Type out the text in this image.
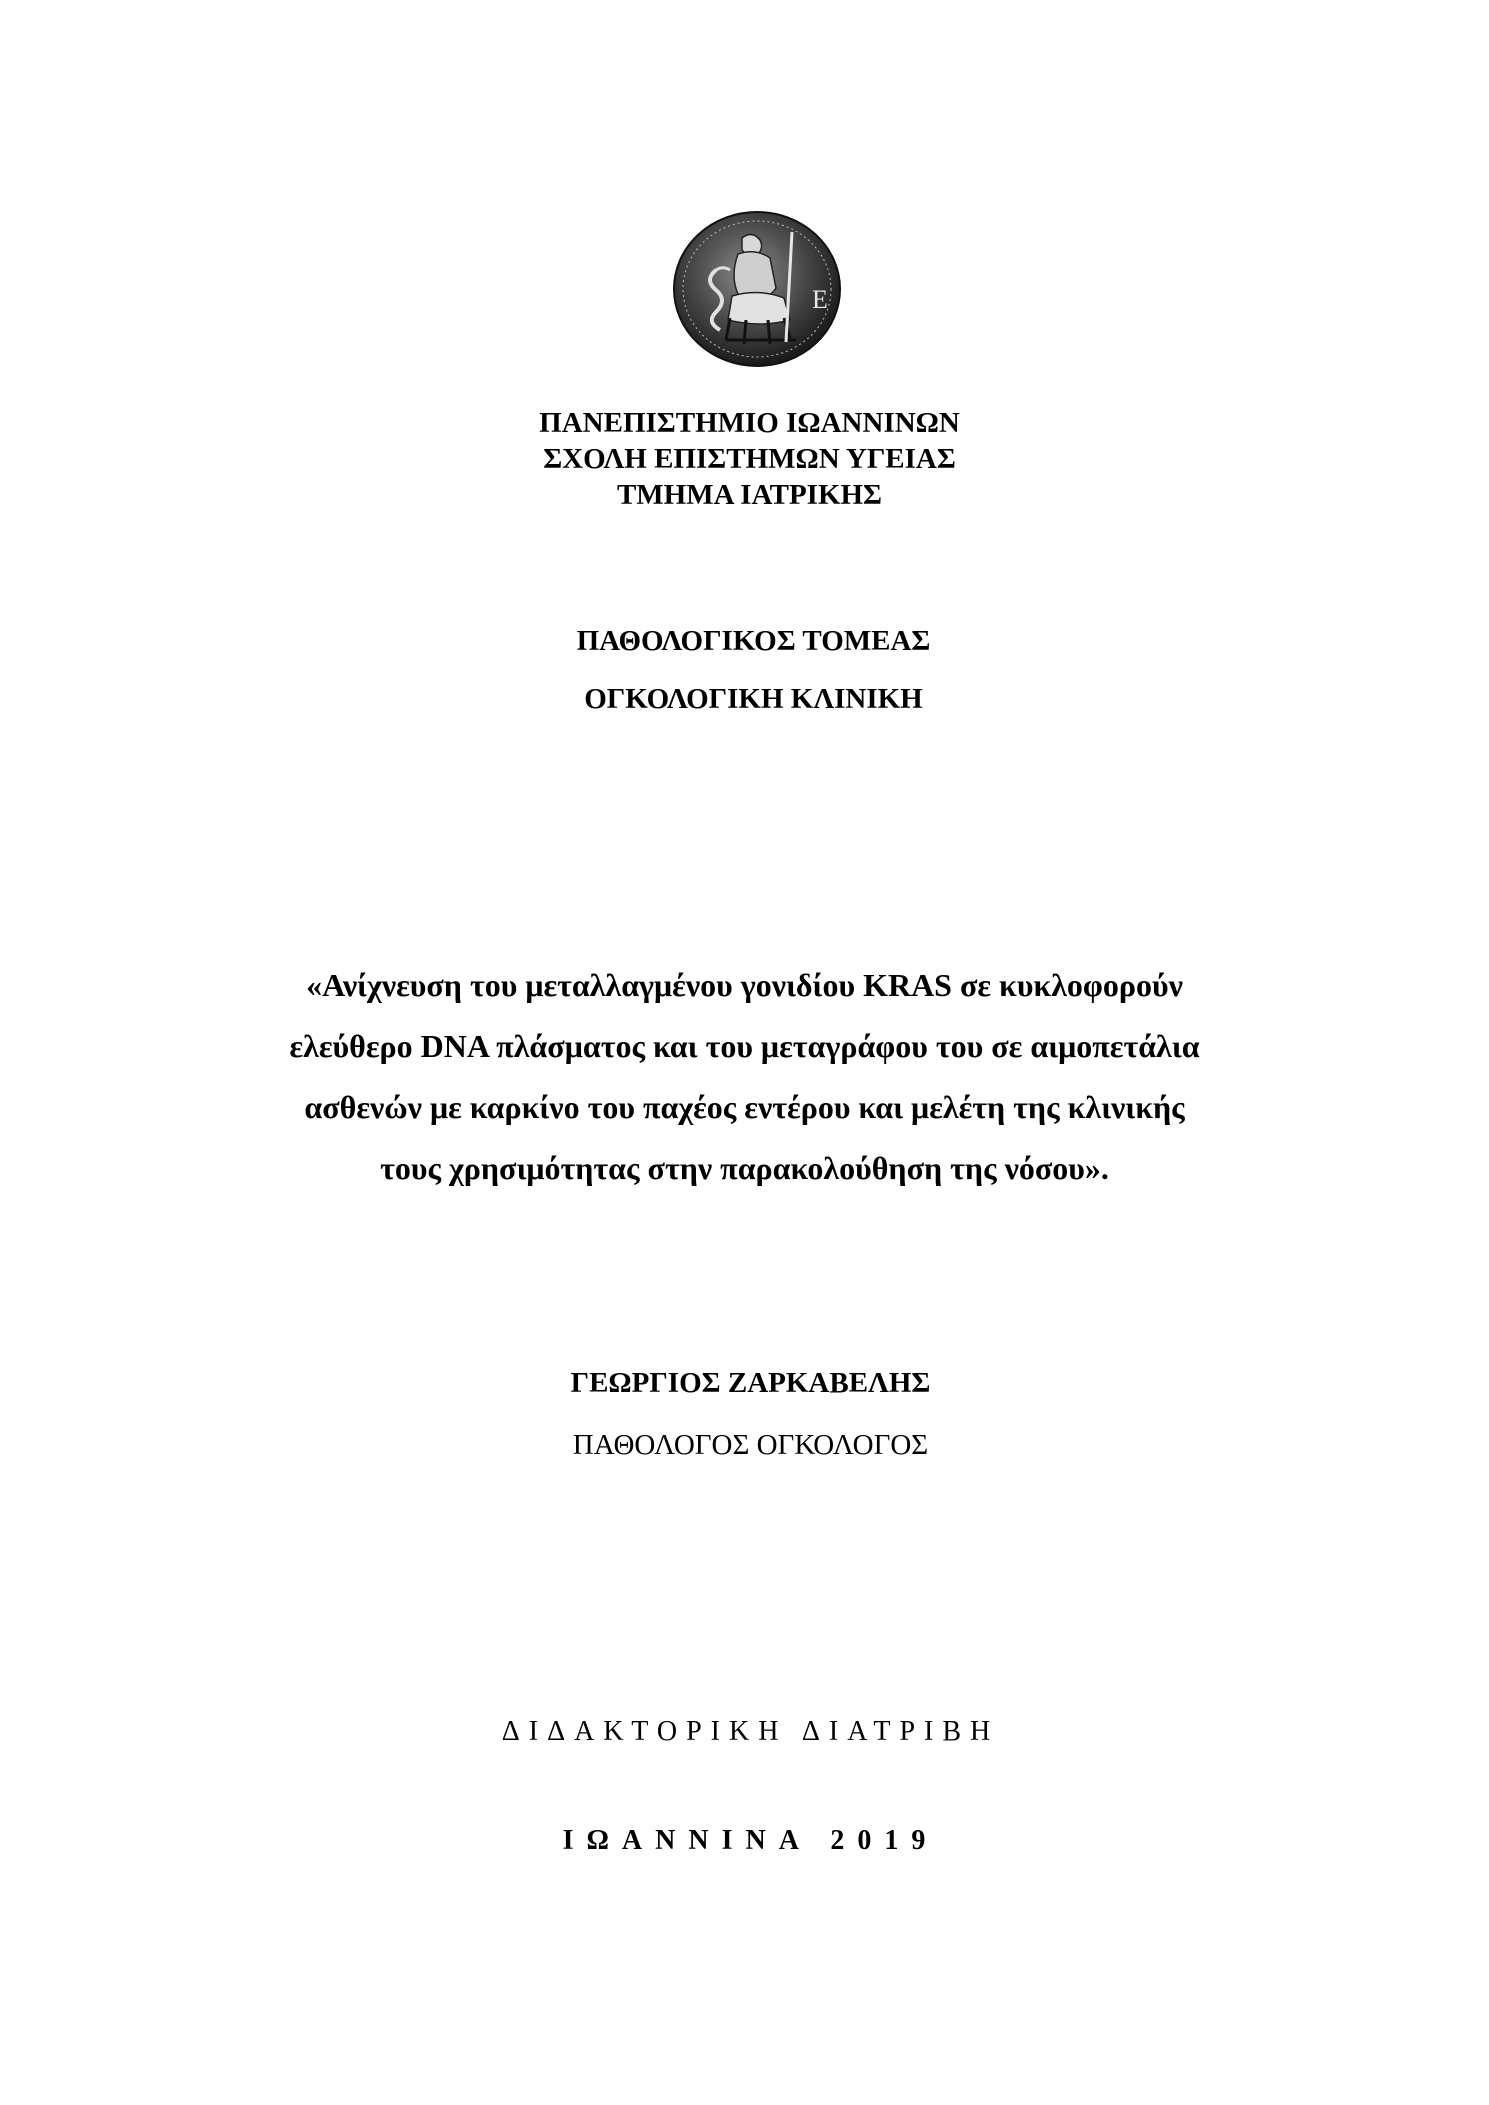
Ε
ΠΑΝΕΠΙΣΤΗΜΙΟ ΙΩΑΝΝΙΝΩΝ
ΣΧΟΛΗ ΕΠΙΣΤΗΜΩΝ ΥΓΕΙΑΣ
ΤΜΗΜΑ ΙΑΤΡΙΚΗΣ
ΠΑΘΟΛΟΓΙΚΟΣ ΤΟΜΕΑΣ
ΟΓΚΟΛΟΓΙΚΗ ΚΛΙΝΙΚΗ
«Ανίχνευση του μεταλλαγμένου γονιδίου KRAS σε κυκλοφορούν
ελεύθερο DNA πλάσματος και του μεταγράφου του σε αιμοπετάλια
ασθενών με καρκίνο του παχέος εντέρου και μελέτη της κλινικής
τους χρησιμότητας στην παρακολούθηση της νόσου».
ΓΕΩΡΓΙΟΣ ΖΑΡΚΑΒΕΛΗΣ
ΠΑΘΟΛΟΓΟΣ ΟΓΚΟΛΟΓΟΣ
ΔΙΔΑΚΤΟΡΙΚΗ ΔΙΑΤΡΙΒΗ
ΙΩΑΝΝΙΝΑ 2019
